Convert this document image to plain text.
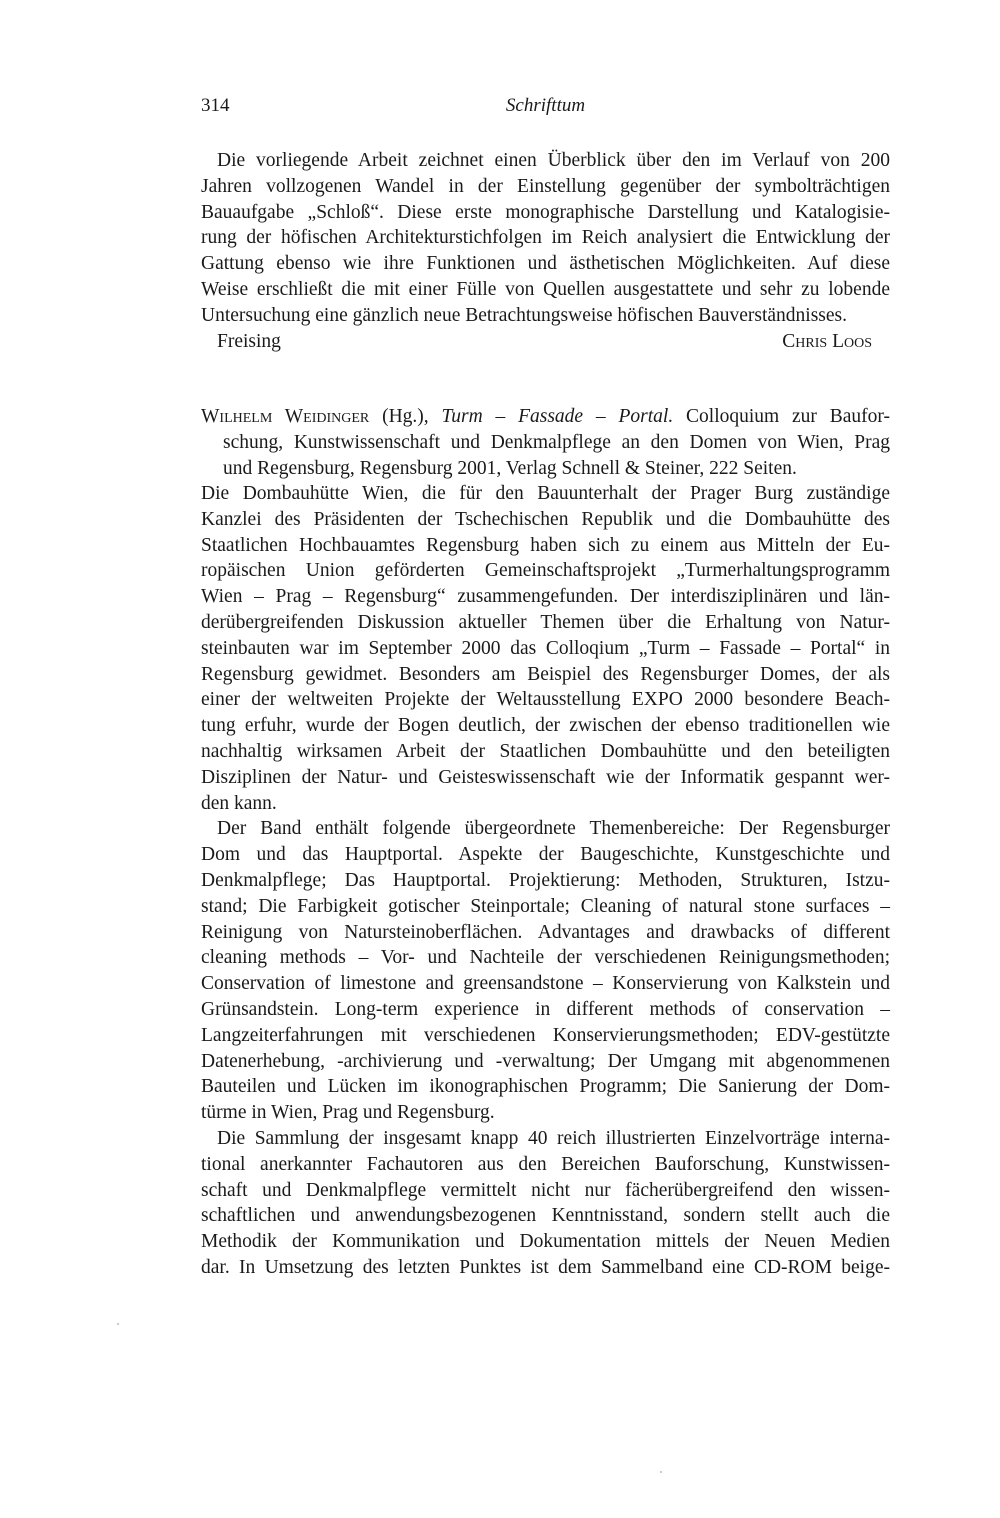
314	Schrifttum
Die vorliegende Arbeit zeichnet einen Überblick über den im Verlauf von 200
Jahren vollzogenen Wandel in der Einstellung gegenüber der symbolträchtigen
Bauaufgabe „Schloß“. Diese erste monographische Darstellung und Katalogisie-
rung der höfischen Architekturstichfolgen im Reich analysiert die Entwicklung der
Gattung ebenso wie ihre Funktionen und ästhetischen Möglichkeiten. Auf diese
Weise erschließt die mit einer Fülle von Quellen ausgestattete und sehr zu lobende
Untersuchung eine gänzlich neue Betrachtungsweise höfischen Bauverständnisses.
Freising	Chris Loos
Wilhelm Weidinger (Hg.), Turm – Fassade – Portal. Colloquium zur Baufor-
schung, Kunstwissenschaft und Denkmalpflege an den Domen von Wien, Prag
und Regensburg, Regensburg 2001, Verlag Schnell & Steiner, 222 Seiten.
Die Dombauhütte Wien, die für den Bauunterhalt der Prager Burg zuständige
Kanzlei des Präsidenten der Tschechischen Republik und die Dombauhütte des
Staatlichen Hochbauamtes Regensburg haben sich zu einem aus Mitteln der Eu-
ropäischen Union geförderten Gemeinschaftsprojekt „Turmerhaltungsprogramm
Wien – Prag – Regensburg“ zusammengefunden. Der interdisziplinären und län-
derübergreifenden Diskussion aktueller Themen über die Erhaltung von Natur-
steinbauten war im September 2000 das Colloqium „Turm – Fassade – Portal“ in
Regensburg gewidmet. Besonders am Beispiel des Regensburger Domes, der als
einer der weltweiten Projekte der Weltausstellung EXPO 2000 besondere Beach-
tung erfuhr, wurde der Bogen deutlich, der zwischen der ebenso traditionellen wie
nachhaltig wirksamen Arbeit der Staatlichen Dombauhütte und den beteiligten
Disziplinen der Natur- und Geisteswissenschaft wie der Informatik gespannt wer-
den kann.
Der Band enthält folgende übergeordnete Themenbereiche: Der Regensburger
Dom und das Hauptportal. Aspekte der Baugeschichte, Kunstgeschichte und
Denkmalpflege; Das Hauptportal. Projektierung: Methoden, Strukturen, Istzu-
stand; Die Farbigkeit gotischer Steinportale; Cleaning of natural stone surfaces –
Reinigung von Natursteinoberflächen. Advantages and drawbacks of different
cleaning methods – Vor- und Nachteile der verschiedenen Reinigungsmethoden;
Conservation of limestone and greensandstone – Konservierung von Kalkstein und
Grünsandstein. Long-term experience in different methods of conservation –
Langzeiterfahrungen mit verschiedenen Konservierungsmethoden; EDV-gestützte
Datenerhebung, -archivierung und -verwaltung; Der Umgang mit abgenommenen
Bauteilen und Lücken im ikonographischen Programm; Die Sanierung der Dom-
türme in Wien, Prag und Regensburg.
Die Sammlung der insgesamt knapp 40 reich illustrierten Einzelvorträge interna-
tional anerkannter Fachautoren aus den Bereichen Bauforschung, Kunstwissen-
schaft und Denkmalpflege vermittelt nicht nur fächerübergreifend den wissen-
schaftlichen und anwendungsbezogenen Kenntnisstand, sondern stellt auch die
Methodik der Kommunikation und Dokumentation mittels der Neuen Medien
dar. In Umsetzung des letzten Punktes ist dem Sammelband eine CD-ROM beige-
